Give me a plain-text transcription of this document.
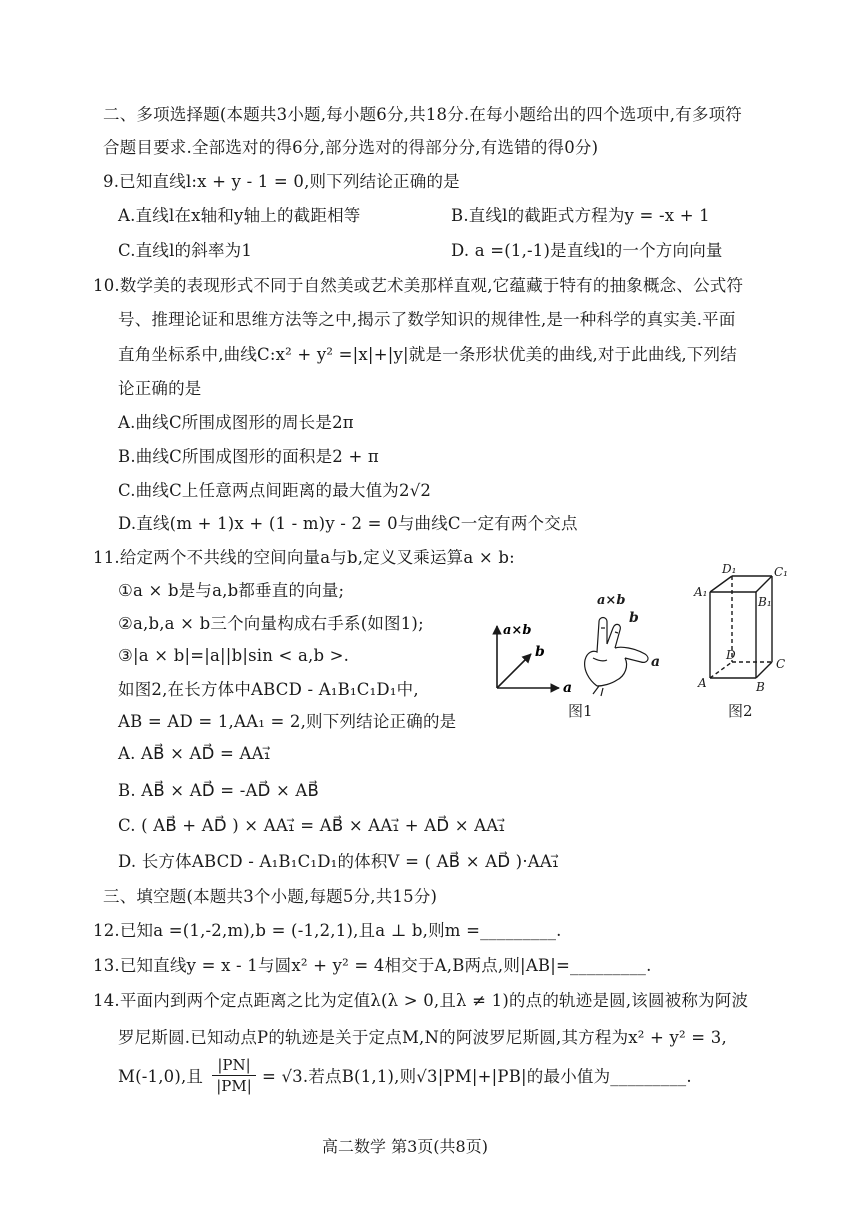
二、多项选择题(本题共3小题,每小题6分,共18分.在每小题给出的四个选项中,有多项符
合题目要求.全部选对的得6分,部分选对的得部分分,有选错的得0分)
9.已知直线l:x + y - 1 = 0,则下列结论正确的是
A.直线l在x轴和y轴上的截距相等	B.直线l的截距式方程为y = -x + 1
C.直线l的斜率为1	D. a =(1,-1)是直线l的一个方向向量
10.数学美的表现形式不同于自然美或艺术美那样直观,它蕴藏于特有的抽象概念、公式符
号、推理论证和思维方法等之中,揭示了数学知识的规律性,是一种科学的真实美.平面
直角坐标系中,曲线C:x² + y² =|x|+|y|就是一条形状优美的曲线,对于此曲线,下列结
论正确的是
A.曲线C所围成图形的周长是2π
B.曲线C所围成图形的面积是2 + π
C.曲线C上任意两点间距离的最大值为2√2
D.直线(m + 1)x + (1 - m)y - 2 = 0与曲线C一定有两个交点
11.给定两个不共线的空间向量a与b,定义叉乘运算a × b:
①a × b是与a,b都垂直的向量;
②a,b,a × b三个向量构成右手系(如图1);
③|a × b|=|a||b|sin < a,b >.
如图2,在长方体中ABCD - A₁B₁C₁D₁中,
AB = AD = 1,AA₁ = 2,则下列结论正确的是
A. AB⃗ × AD⃗ = AA₁⃗
B. AB⃗ × AD⃗ = -AD⃗ × AB⃗
C. ( AB⃗ + AD⃗ ) × AA₁⃗ = AB⃗ × AA₁⃗ + AD⃗ × AA₁⃗
D. 长方体ABCD - A₁B₁C₁D₁的体积V = ( AB⃗ × AD⃗ )·AA₁⃗
a×b
b
a
a×b
b
a
图1
A₁
B₁
C₁
D₁
A	B
C
D
图2
三、填空题(本题共3个小题,每题5分,共15分)
12.已知a =(1,-2,m),b = (-1,2,1),且a ⊥ b,则m =_________.
13.已知直线y = x - 1与圆x² + y² = 4相交于A,B两点,则|AB|=_________.
14.平面内到两个定点距离之比为定值λ(λ > 0,且λ ≠ 1)的点的轨迹是圆,该圆被称为阿波
罗尼斯圆.已知动点P的轨迹是关于定点M,N的阿波罗尼斯圆,其方程为x² + y² = 3,
M(-1,0),且 $\frac{|PN|}{|PM|} = √3$.若点B(1,1),则√3|PM|+|PB|的最小值为_________.
高二数学 第3页(共8页)
